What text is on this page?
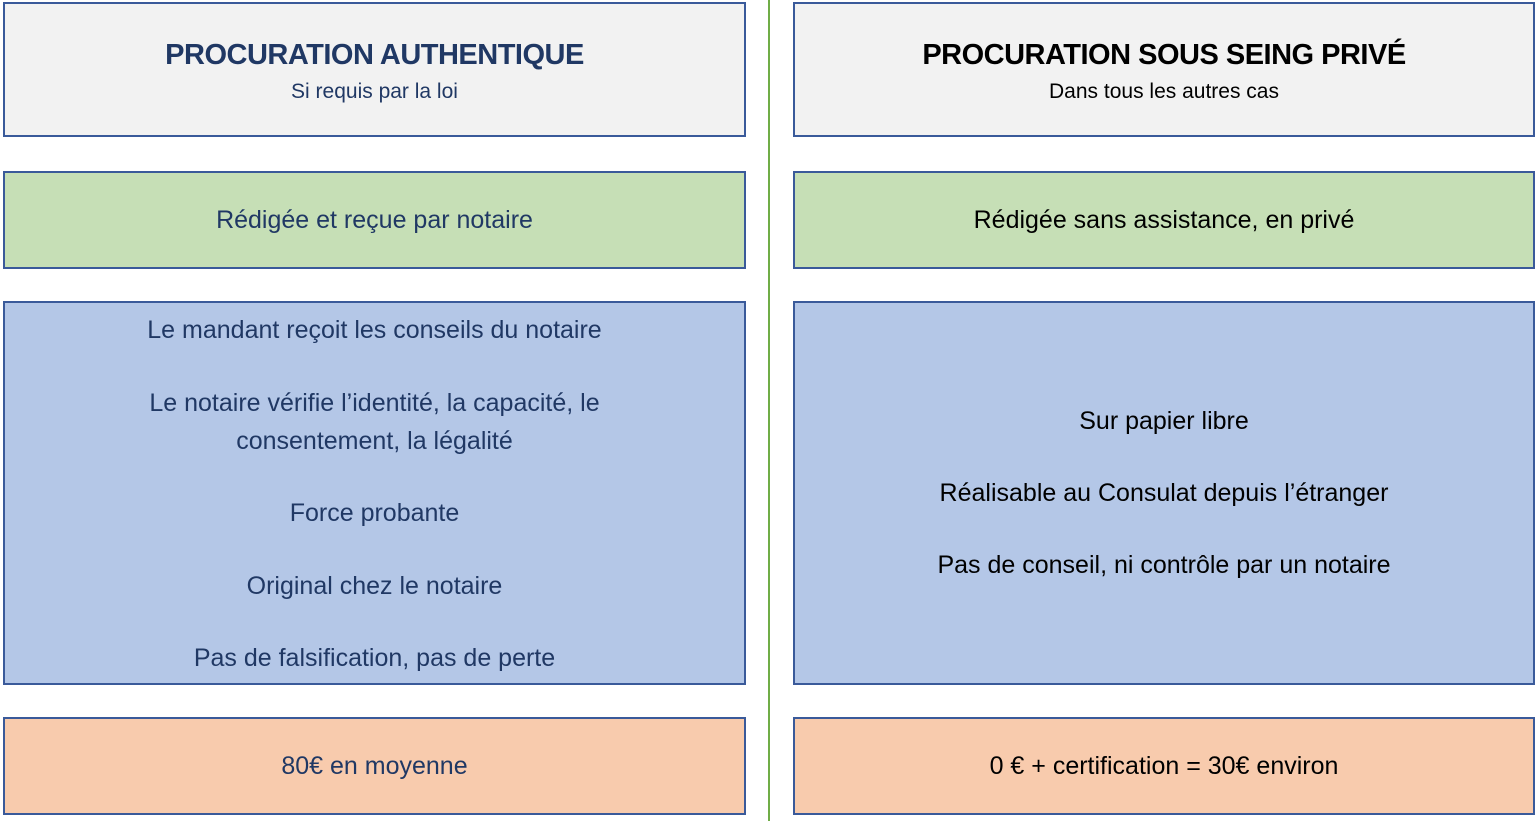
PROCURATION AUTHENTIQUE
Si requis par la loi
Rédigée et reçue par notaire
Le mandant reçoit les conseils du notaire
Le notaire vérifie l’identité, la capacité, le consentement, la légalité
Force probante
Original chez le notaire
Pas de falsification, pas de perte
80€ en moyenne
PROCURATION SOUS SEING PRIVÉ
Dans tous les autres cas
Rédigée sans assistance, en privé
Sur papier libre
Réalisable au Consulat depuis l’étranger
Pas de conseil, ni contrôle par un notaire
0 € + certification = 30€ environ
